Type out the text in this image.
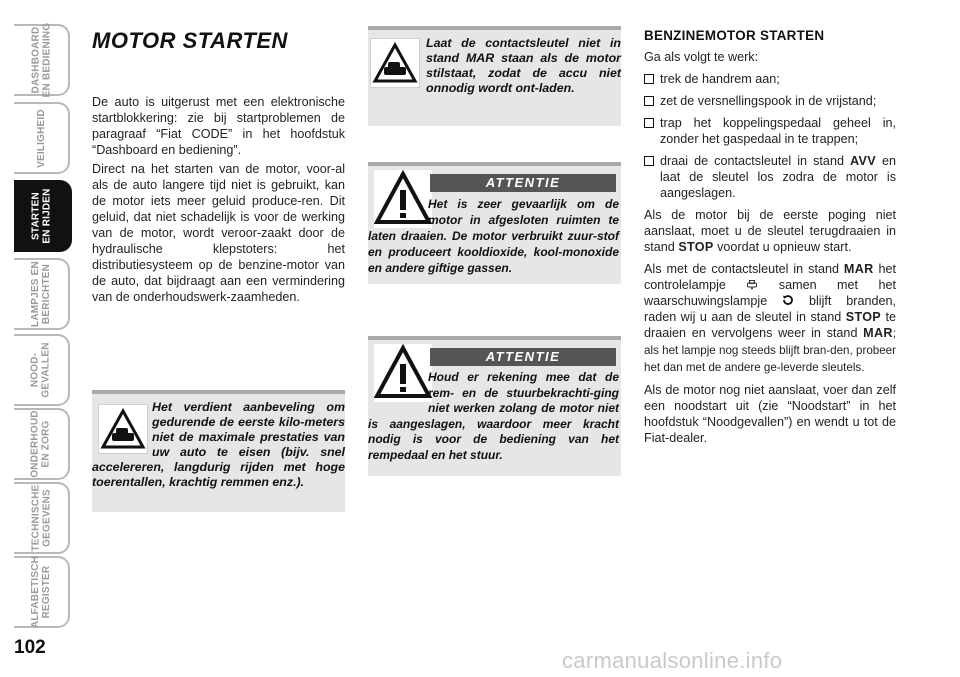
DASHBOARD
EN BEDIENING
VEILIGHEID
STARTEN
EN RIJDEN
LAMPJES EN
BERICHTEN
NOOD-
GEVALLEN
ONDERHOUD
EN ZORG
TECHNISCHE
GEGEVENS
ALFABETISCH
REGISTER
102
MOTOR STARTEN
De auto is uitgerust met een elektronische startblokkering: zie bij startproblemen de paragraaf “Fiat CODE” in het hoofdstuk “Dashboard en bediening”.
Direct na het starten van de motor, voor-al als de auto langere tijd niet is gebruikt, kan de motor iets meer geluid produce-ren. Dit geluid, dat niet schadelijk is voor de werking van de motor, wordt veroor-zaakt door de hydraulische klepstoters: het distributiesysteem op de benzine-motor van de auto, dat bijdraagt aan een vermindering van de onderhoudswerk-zaamheden.
Het verdient aanbeveling om gedurende de eerste kilo-meters niet de maximale prestaties van uw auto te eisen (bijv. snel accelereren, langdurig rijden met hoge toerentallen, krachtig remmen enz.).
Laat de contactsleutel niet in stand MAR staan als de motor stilstaat, zodat de accu niet onnodig wordt ont-laden.
ATTENTIE
Het is zeer gevaarlijk om de motor in afgesloten ruimten te laten draaien. De motor verbruikt zuur-stof en produceert kooldioxide, kool-monoxide en andere giftige gassen.
ATTENTIE
Houd er rekening mee dat de rem- en de stuurbekrachti-ging niet werken zolang de motor niet is aangeslagen, waardoor meer kracht nodig is voor de bediening van het rempedaal en het stuur.
BENZINEMOTOR STARTEN

Ga als volgt te werk:

trek de handrem aan;

zet de versnellingspook in de vrijstand;

trap het koppelingspedaal geheel in, zonder het gaspedaal in te trappen;

draai de contactsleutel in stand AVV en laat de sleutel los zodra de motor is aangeslagen.

Als de motor bij de eerste poging niet aanslaat, moet u de sleutel terugdraaien in stand STOP voordat u opnieuw start.

Als met de contactsleutel in stand MAR het controlelampje  samen met het waarschuwingslampje  blijft branden, raden wij u aan de sleutel in stand STOP te draaien en vervolgens weer in stand MAR; als het lampje nog steeds blijft bran-den, probeer het dan met de andere ge-leverde sleutels.

Als de motor nog niet aanslaat, voer dan zelf een noodstart uit (zie “Noodstart” in het hoofdstuk “Noodgevallen”) en wendt u tot de Fiat-dealer.

carmanualsonline.info
